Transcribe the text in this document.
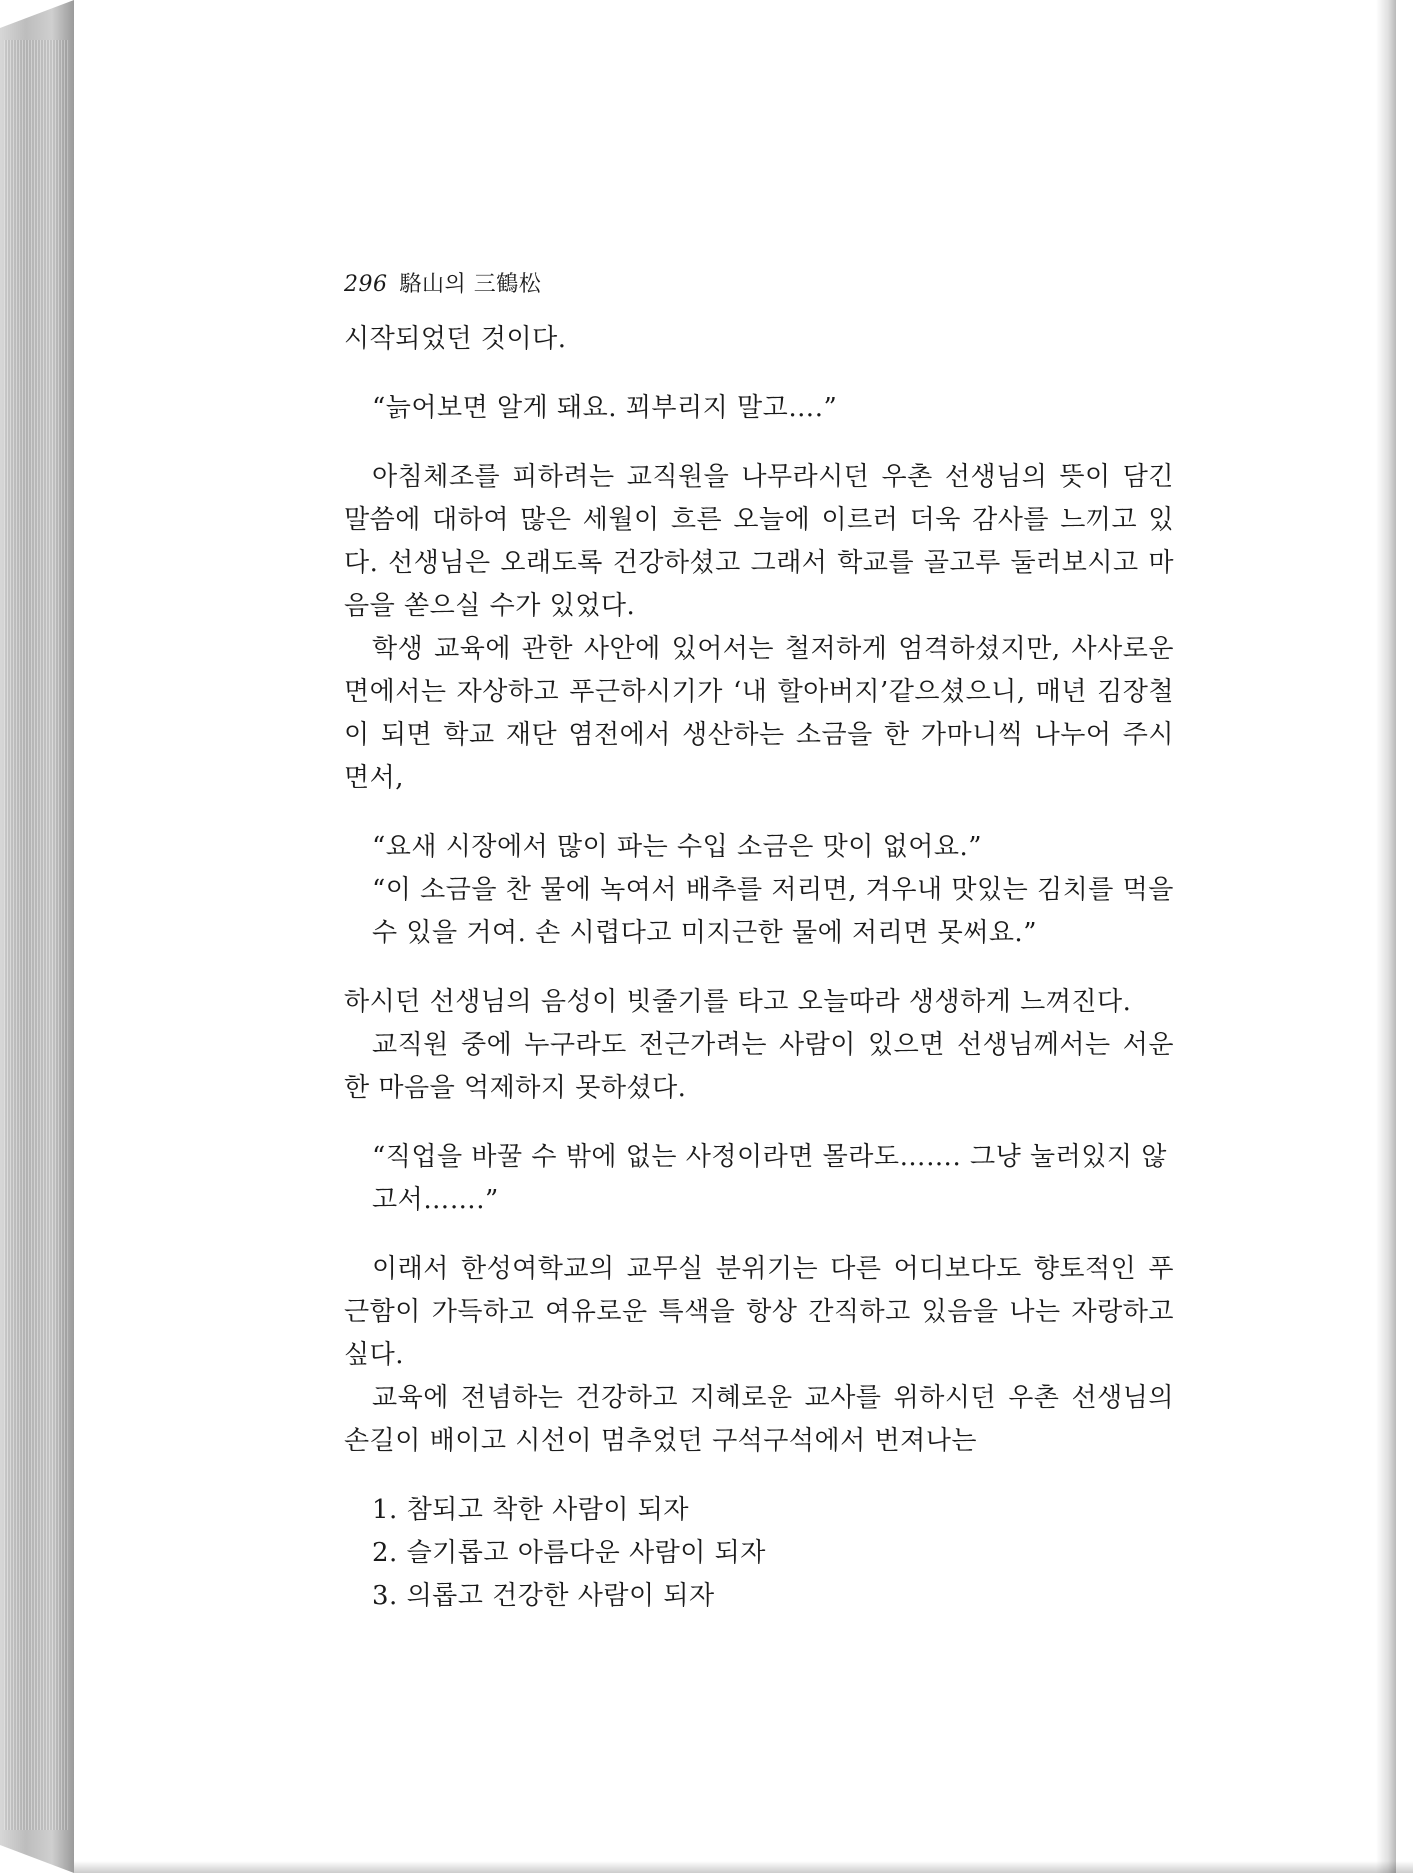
296 駱山의 三鶴松

시작되었던 것이다.

“늙어보면 알게 돼요. 꾀부리지 말고….”

아침체조를 피하려는 교직원을 나무라시던 우촌 선생님의 뜻이 담긴 말씀에 대하여 많은 세월이 흐른 오늘에 이르러 더욱 감사를 느끼고 있다. 선생님은 오래도록 건강하셨고 그래서 학교를 골고루 둘러보시고 마음을 쏟으실 수가 있었다.

학생 교육에 관한 사안에 있어서는 철저하게 엄격하셨지만, 사사로운 면에서는 자상하고 푸근하시기가 ‘내 할아버지’같으셨으니, 매년 김장철이 되면 학교 재단 염전에서 생산하는 소금을 한 가마니씩 나누어 주시면서,

“요새 시장에서 많이 파는 수입 소금은 맛이 없어요.”

“이 소금을 찬 물에 녹여서 배추를 저리면, 겨우내 맛있는 김치를 먹을 수 있을 거여. 손 시렵다고 미지근한 물에 저리면 못써요.”

하시던 선생님의 음성이 빗줄기를 타고 오늘따라 생생하게 느껴진다.

교직원 중에 누구라도 전근가려는 사람이 있으면 선생님께서는 서운한 마음을 억제하지 못하셨다.

“직업을 바꿀 수 밖에 없는 사정이라면 몰라도……. 그냥 눌러있지 않고서…….”

이래서 한성여학교의 교무실 분위기는 다른 어디보다도 향토적인 푸근함이 가득하고 여유로운 특색을 항상 간직하고 있음을 나는 자랑하고 싶다.

교육에 전념하는 건강하고 지혜로운 교사를 위하시던 우촌 선생님의 손길이 배이고 시선이 멈추었던 구석구석에서 번져나는

1. 참되고 착한 사람이 되자

2. 슬기롭고 아름다운 사람이 되자

3. 의롭고 건강한 사람이 되자
